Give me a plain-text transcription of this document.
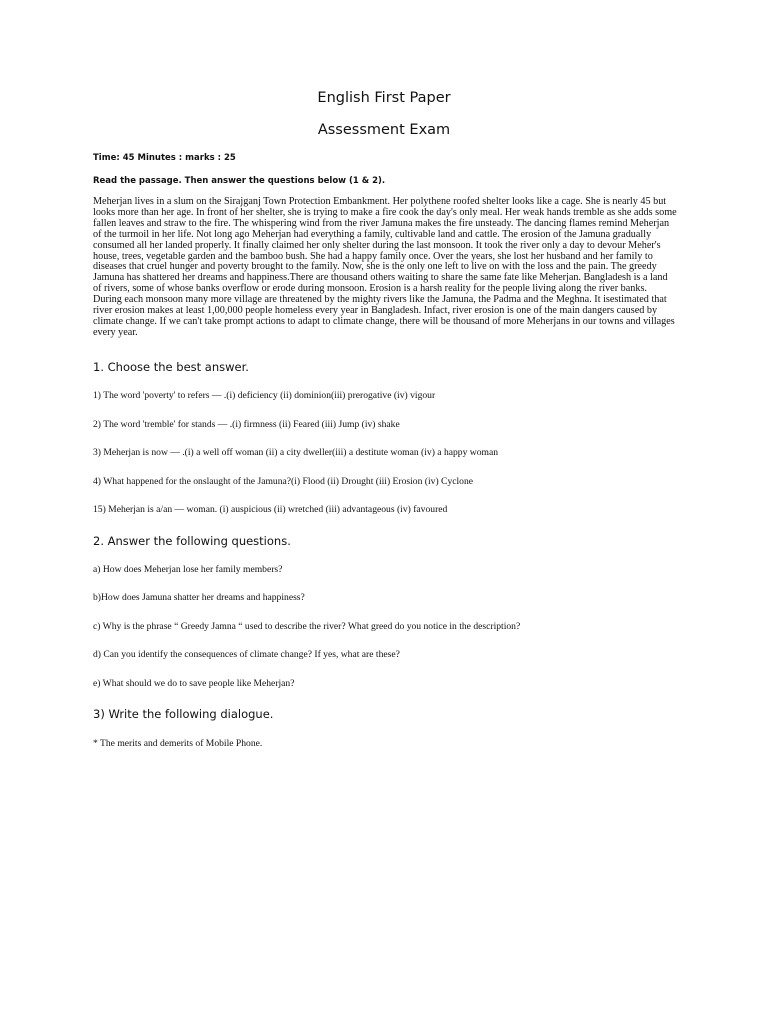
English First Paper
Assessment Exam
Time: 45 Minutes : marks : 25
Read the passage. Then answer the questions below (1 & 2).
Meherjan lives in a slum on the Sirajganj Town Protection Embankment. Her polythene roofed shelter looks like a cage. She is nearly 45 but looks more than her age. In front of her shelter, she is trying to make a fire cook the day's only meal. Her weak hands tremble as she adds some fallen leaves and straw to the fire. The whispering wind from the river Jamuna makes the fire unsteady. The dancing flames remind Meherjan of the turmoil in her life. Not long ago Meherjan had everything a family, cultivable land and cattle. The erosion of the Jamuna gradually consumed all her landed properly. It finally claimed her only shelter during the last monsoon. It took the river only a day to devour Meher's house, trees, vegetable garden and the bamboo bush. She had a happy family once. Over the years, she lost her husband and her family to diseases that cruel hunger and poverty brought to the family. Now, she is the only one left to live on with the loss and the pain. The greedy Jamuna has shattered her dreams and happiness.There are thousand others waiting to share the same fate like Meherjan. Bangladesh is a land of rivers, some of whose banks overflow or erode during monsoon. Erosion is a harsh reality for the people living along the river banks. During each monsoon many more village are threatened by the mighty rivers like the Jamuna, the Padma and the Meghna. It isestimated that river erosion makes at least 1,00,000 people homeless every year in Bangladesh. Infact, river erosion is one of the main dangers caused by climate change. If we can't take prompt actions to adapt to climate change, there will be thousand of more Meherjans in our towns and villages every year.
1. Choose the best answer.
1) The word 'poverty' to refers — .(i) deficiency (ii) dominion(iii) prerogative (iv) vigour
2) The word 'tremble' for stands — .(i) firmness (ii) Feared (iii) Jump (iv) shake
3) Meherjan is now — .(i) a well off woman (ii) a city dweller(iii) a destitute woman (iv) a happy woman
4) What happened for the onslaught of the Jamuna?(i) Flood (ii) Drought (iii) Erosion (iv) Cyclone
15) Meherjan is a/an — woman. (i) auspicious (ii) wretched (iii) advantageous (iv) favoured
2. Answer the following questions.
a) How does Meherjan lose her family members?
b)How does Jamuna shatter her dreams and happiness?
c) Why is the phrase “ Greedy Jamna “ used to describe the river? What greed do you notice in the description?
d) Can you identify the consequences of climate change? If yes, what are these?
e) What should we do to save people like Meherjan?
3) Write the following dialogue.
* The merits and demerits of Mobile Phone.
